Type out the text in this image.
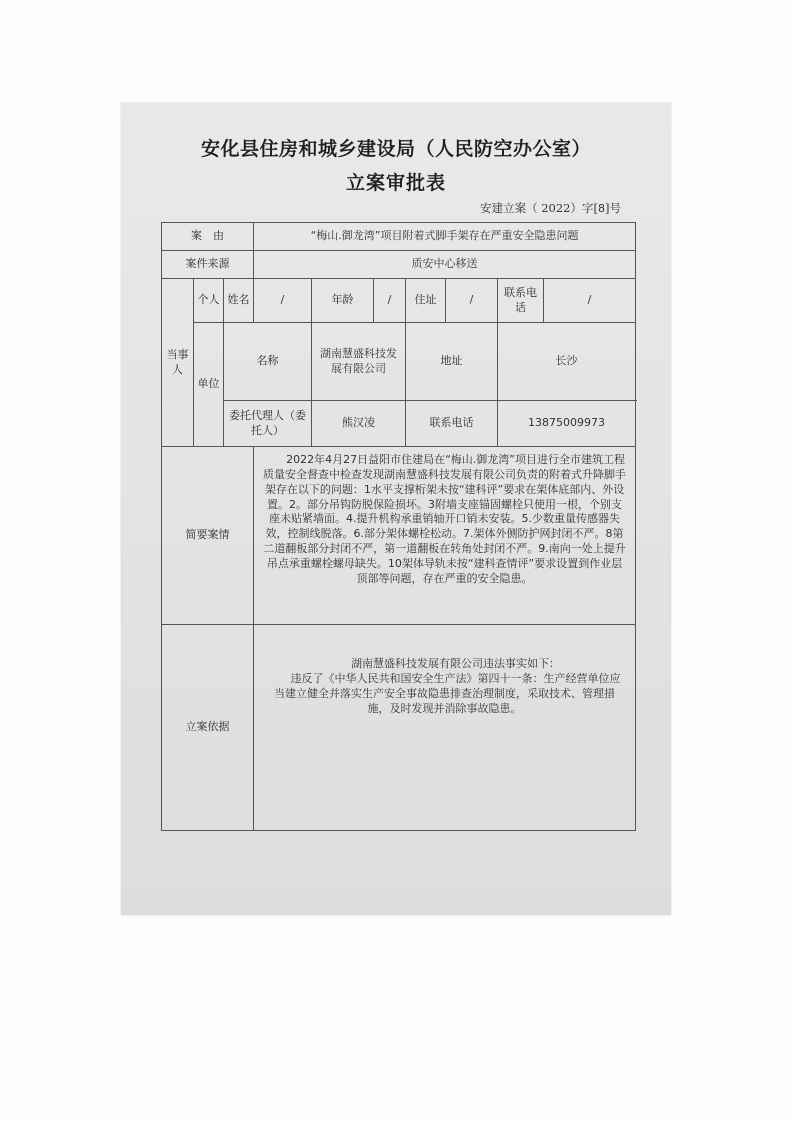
安化县住房和城乡建设局（人民防空办公室）
立案审批表
安建立案（ 2022）字[8]号
案　由			“梅山.御龙湾”项目附着式脚手架存在严重安全隐患问题						
案件来源			质安中心移送						
当事人	个人	姓名	/	年龄	/	住址	/	联系电话	/
	单位	名称		湖南慧盛科技发展有限公司		地址		长沙	
		委托代理人（委托人）		熊汉凌		联系电话		13875009973	
简要案情			2022年4月27日益阳市住建局在“梅山.御龙湾”项目进行全市建筑工程质量安全督查中检查发现湖南慧盛科技发展有限公司负责的附着式升降脚手架存在以下的问题：1水平支撑桁架未按“建科评”要求在架体底部内、外设置。2。部分吊钩防脱保险损坏。3附墙支座锚固螺栓只使用一根，个别支座未贴紧墙面。4.提升机构承重销轴开口销未安装。5.少数重量传感器失效，控制线脱落。6.部分架体螺栓松动。7.架体外侧防护网封闭不严。8第二道翻板部分封闭不严，第一道翻板在转角处封闭不严。9.南向一处上提升吊点承重螺栓螺母缺失。10架体导轨未按“建科查情评”要求设置到作业层顶部等问题，存在严重的安全隐患。						
立案依据			湖南慧盛科技发展有限公司违法事实如下：

违反了《中华人民共和国安全生产法》第四十一条：生产经营单位应当建立健全并落实生产安全事故隐患排查治理制度，采取技术、管理措施，及时发现并消除事故隐患。						
